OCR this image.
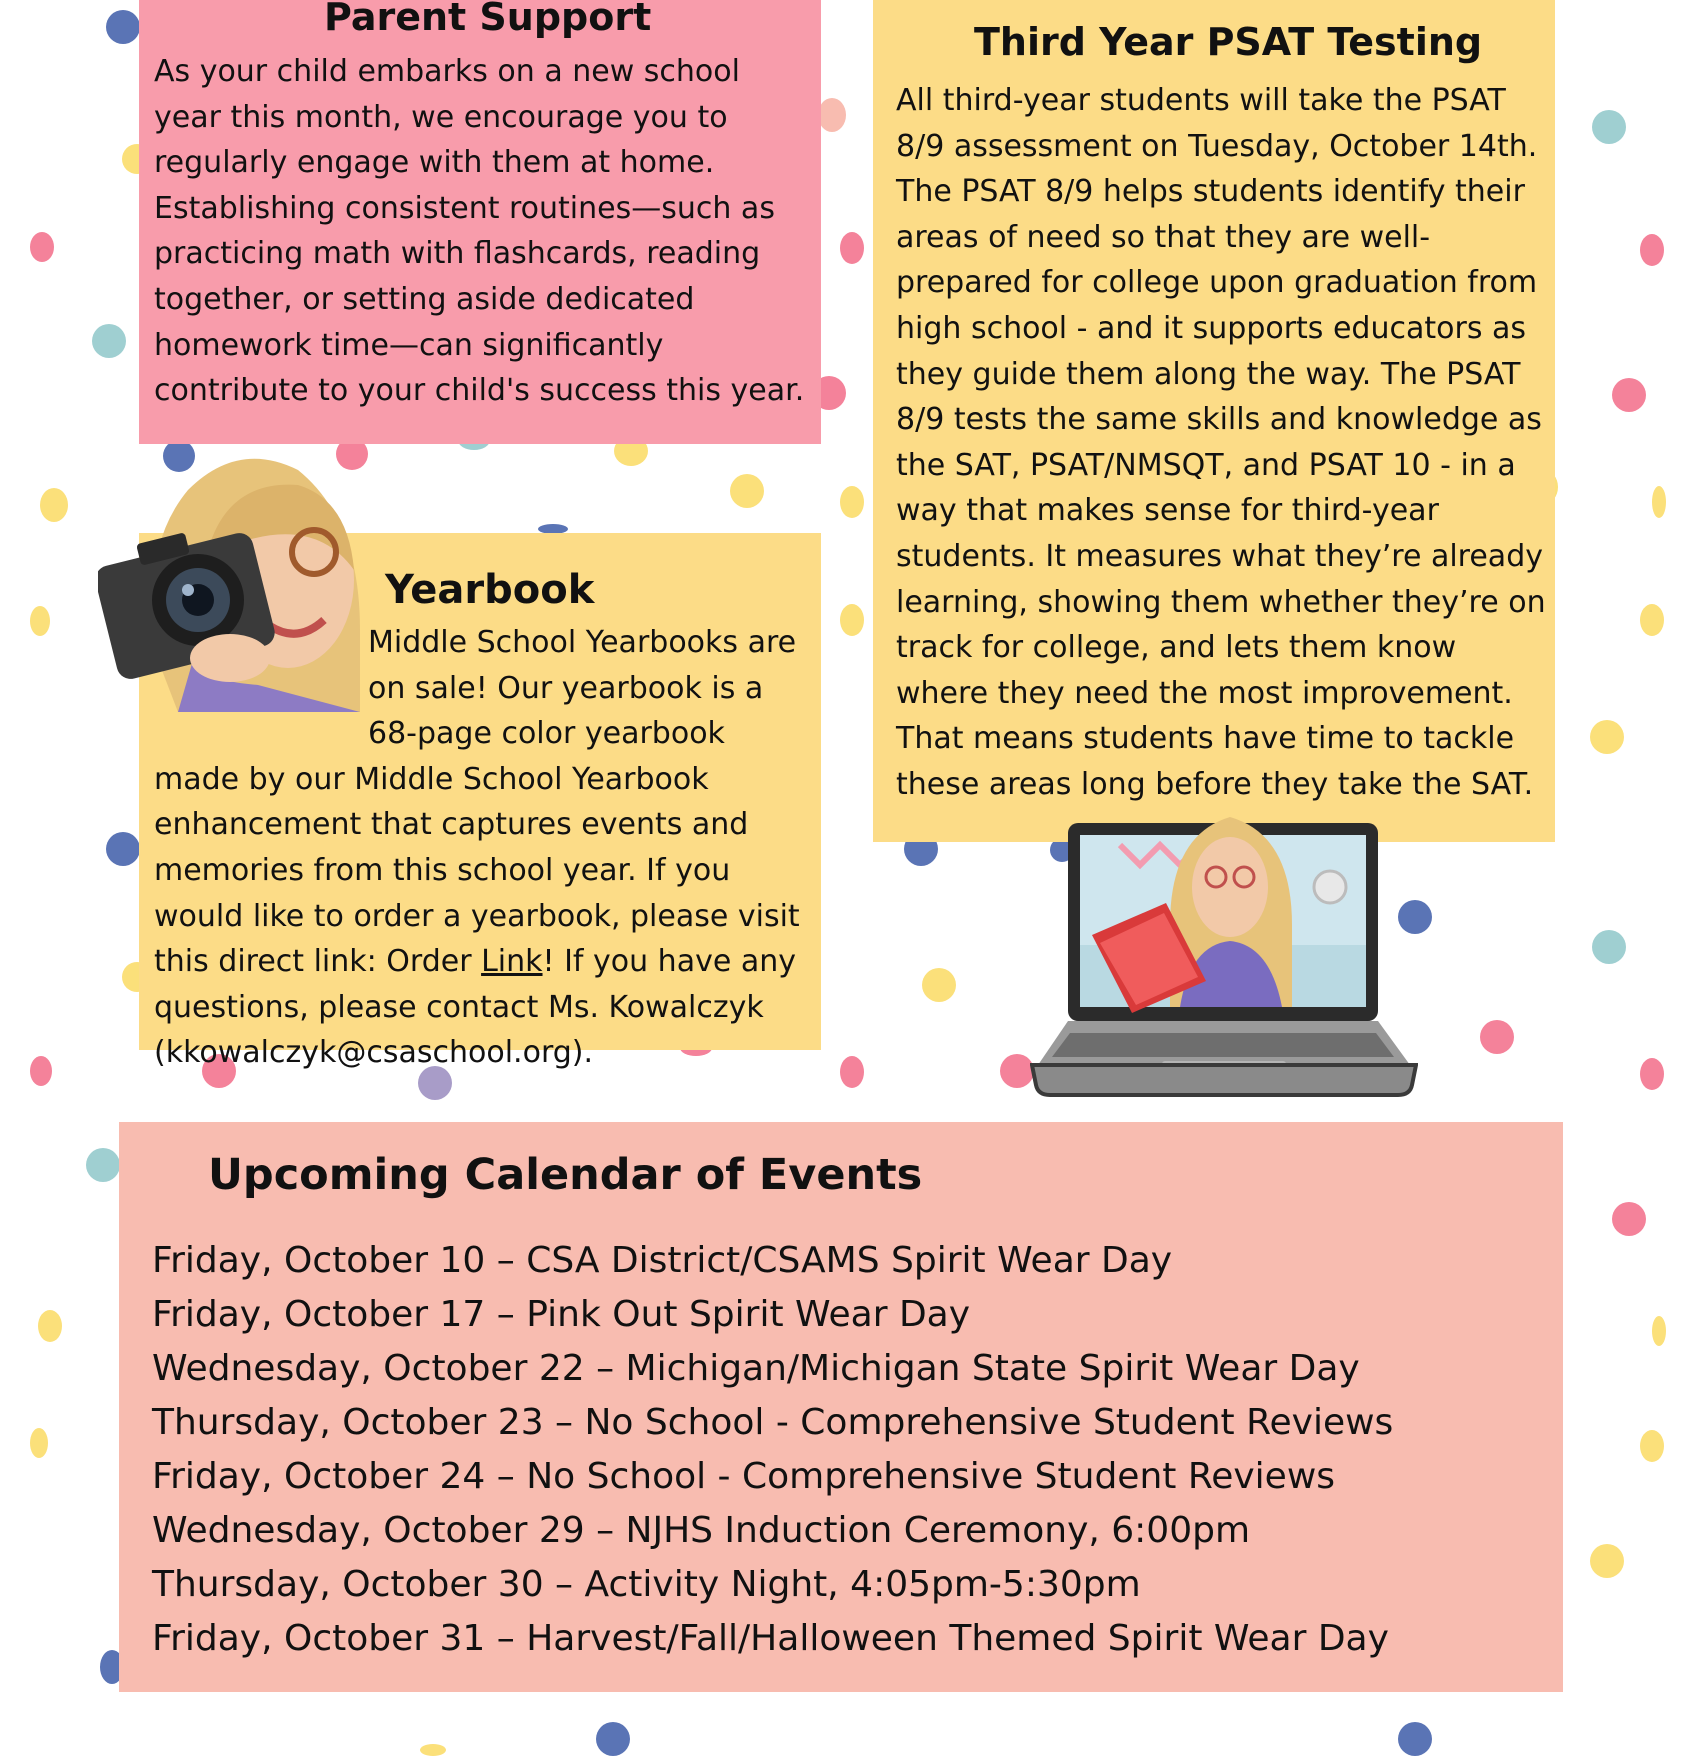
Parent Support

As your child embarks on a new school year this month, we encourage you to regularly engage with them at home. Establishing consistent routines—such as practicing math with flashcards, reading together, or setting aside dedicated homework time—can significantly contribute to your child's success this year.

Third Year PSAT Testing

All third-year students will take the PSAT 8/9 assessment on Tuesday, October 14th. The PSAT 8/9 helps students identify their areas of need so that they are well-prepared for college upon graduation from high school - and it supports educators as they guide them along the way. The PSAT 8/9 tests the same skills and knowledge as the SAT, PSAT/NMSQT, and PSAT 10 - in a way that makes sense for third-year students. It measures what they’re already learning, showing them whether they’re on track for college, and lets them know where they need the most improvement. That means students have time to tackle these areas long before they take the SAT.

Yearbook

Middle School Yearbooks are on sale! Our yearbook is a 68-page color yearbook made by our Middle School Yearbook enhancement that captures events and memories from this school year. If you would like to order a yearbook, please visit this direct link: Order Link! If you have any questions, please contact Ms. Kowalczyk (kkowalczyk@csaschool.org).

Upcoming Calendar of Events
Friday, October 10 – CSA District/CSAMS Spirit Wear Day
Friday, October 17 – Pink Out Spirit Wear Day
Wednesday, October 22 – Michigan/Michigan State Spirit Wear Day
Thursday, October 23 – No School - Comprehensive Student Reviews
Friday, October 24 – No School - Comprehensive Student Reviews
Wednesday, October 29 – NJHS Induction Ceremony, 6:00pm
Thursday, October 30 – Activity Night, 4:05pm-5:30pm
Friday, October 31 – Harvest/Fall/Halloween Themed Spirit Wear Day
